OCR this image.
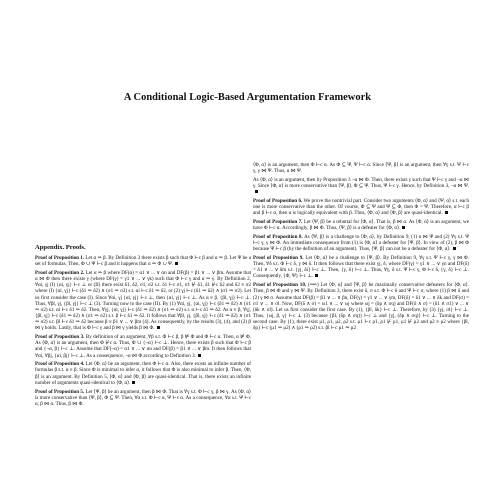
A Conditional Logic-Based Argumentation Framework
Appendix. Proofs.

Proof of Proposition 1. Let α ⇒ β. By Definition 3 there exists β such that Φ ⊢c β and α ⇒ β. Let Ψ be a set of formulas. Then, Φ ∪ Ψ ⊢c β and it happens that α ⇒ Φ ∪ Ψ.

Proof of Proposition 2. Let α ⇒ β where DF(α) = α1 ∨ ... ∨ αn and DF(β) = β1 ∨ ... ∨ βm. Assume that α ⋈ Φ then there exists γ (where DF(γ) = γ1 ∨ ... ∨ γk) such that Φ ⊢c γ and α ⇒ γ. By Definition 2, ∀αi, γj (I) {αi, γj} ⊢c ⊥ or (II) there exist δ1, δ2, σ1, σ2 s.t. δ1 ⊢c σ1, σ1 ⊬ δ1, δ1 ⊬c δ2 and δ2 ≡ σ2 where (I) {αi, γj} ⊢c (δ1 ⇒ δ2) ∧ (σ1 ⇒ σ2) s.t. αi ⊢c δ1 ⇒ δ2, or (2) γj ⊢c (δ1 ⇒ δ2) ∧ (σ1 ⇒ σ2). Let us first consider the case (I). Since ∀αi, γj {αi, γj} ⊢c ⊥, then {αi, γj} ⊢c ⊥. As α ≡ β, {βl, γj} ⊢c ⊥. Thus, ∀βl, γj, {βl, γj} ⊢c ⊥ (3). Turning now to the case (II). By (1) ∀αi, γj, {αi, γj} ⊢c (δ1 ⇒ δ2) ∧ (σ1 ⇒ σ2) s.t. αi ⊢c δ1 ⇒ δ2. Then, ∀γj, {αi, γj} ⊢c (δ1 ⇒ δ2) ∧ (σ1 ⇒ σ2) s.t. α ⊢c δ1 ⇒ δ2. As α ≡ β, ∀γj, {βl, γj} ⊢c (δ1 ⇒ δ2) ∧ (σ1 ⇒ σ2) s.t. β ⊢c δ1 ⇒ δ2. It follows that ∀βl, γj, {βl, γj} ⊢c (δ1 ⇒ δ2) ∧ (σ1 ⇒ σ2) s.t. βl ⊢c δ1 ⇒ δ2 because β ≡ β1 ∨ ... ∨ βm (4). As consequently, by the results (3), (4), and (2) β ⋈ γ holds. Lastly, that is Φ ⊢c γ and β ⋈ γ yields β ⋈ Φ.

Proof of Proposition 3. By definition of an argument, ∀β s.t. Φ ⊢c β, β ⊭ Φ and Φ ⊢c α. Then, α ⊭ Φ. As ⟨Φ, α⟩ is an argument, then Φ ⊬c α. Thus, Φ ∪ {¬α} ⊢c ⊥. Hence, there exists β such that Φ ⊢c β and {¬α, β} ⊢c ⊥. Assume that DF(¬α) = α1 ∨ ... ∨ αn and DF(β) = β1 ∨ ... ∨ βm. It then follows that ∀αi, ∀βj, {αi, βj} ⊢c ⊥. As a consequence, ¬α ⋈ Φ according to Definition 3.

Proof of Proposition 4. Let ⟨Φ, α⟩ be an argument, then Φ ⊢c α. Also, there exists an infinite number of formulas β s.t. α ≡ β. Since Φ is minimal to infer α, it follows that Φ is also minimal to infer β. Then, ⟨Φ, β⟩ is an argument. By Definition 5, ⟨Φ, α⟩ and ⟨Φ, β⟩ are quasi-identical. That is, there exists an infinite number of arguments quasi-identical to ⟨Φ, α⟩.

Proof of Proposition 5. Let ⟨Ψ, β⟩ be an argument, then β ⋈ Φ. That is ∀γ s.t. Φ ⊢c γ, β ⋈ γ. As ⟨Φ, α⟩ is more conservative than ⟨Ψ, β⟩, Φ ⊆ Ψ. Then, ∀α s.t. Φ ⊢c α, Ψ ⊢c α. As a consequence, ∀α s.t. Ψ ⊢c α, β ⋈ α. Thus, β ⋈ Φ.

⟨Φ, α⟩ is an argument, then Φ ⊢c α. As Φ ⊆ Ψ, Ψ ⊢c α. Since ⟨Ψ, β⟩ is an argument, then ∀γ s.t. Ψ ⊢c γ, γ ⋈ Ψ. Thus, α ⋈ Ψ.

As ⟨Φ, α⟩ is an argument, then by Proposition 3 ¬α ⋈ Φ. Then, there exists γ such that Ψ ⊢c γ and ¬α ⋈ γ. Since ⟨Φ, α⟩ is more conservative than ⟨Ψ, β⟩, Φ ⊆ Ψ. Thus, Ψ ⊢c γ. Hence, by Definition 3, ¬α ⋈ Ψ.

Proof of Proposition 6. We prove the nontrivial part. Consider two arguments ⟨Φ, α⟩ and ⟨Ψ, α⟩ s.t. each one is more conservative than the other. Of course, Φ ⊆ Ψ and Ψ ⊆ Φ, then Φ = Ψ. Therefore, α ⊢c β and β ⊢c α, then α is logically equivalent with β. Thus, ⟨Φ, α⟩ and ⟨Φ, β⟩ are quasi-identical.

Proof of Proposition 7. Let ⟨Ψ, β⟩ be a rebuttal for ⟨Φ, α⟩. That is, β ⋈ α. As ⟨Φ, α⟩ is an argument, we have Φ ⊢c α. Accordingly, β ⋈ Φ. Thus, ⟨Ψ, β⟩ is a defeater for ⟨Φ, α⟩.

Proof of Proposition 8. As ⟨Ψ, β⟩ is a challenge to ⟨Φ, α⟩, by Definition 9, (1) α ⋈ Ψ and (2) ∀γ s.t. Ψ ⊢c γ, γ ⋈ Φ. An immediate consequence from (1) is ⟨Φ, α⟩ a defeater for ⟨Ψ, β⟩. In view of (2), β ⋈ Φ because Ψ ⊢c β (by the definition of an argument). Thus, ⟨Ψ, β⟩ can not be a defeater for ⟨Φ, α⟩.

Proof of Proposition 9. Let ⟨Φ, α⟩ be a challenge to ⟨Ψ, β⟩. By Definition 9, ∀γ s.t. Ψ ⊢c γ, γ ⋈ Φ. Then, ∀δ s.t. Φ ⊢c δ, γ ⋈ δ. It then follows that there exist γj, δ, where DF(γ) = γ1 ∨ ... ∨ γn and DF(δ) = δ1 ∨ ... ∨ δm s.t. {γj, δi} ⊢c ⊥. Then, {γ, δ} ⊢c ⊥. Thus, ∀γ, δ s.t. Ψ ⊢c γ, Φ ⊢c δ, {γ, δ} ⊢c ⊥. Consequently, {Φ, Ψ} ⊢c ⊥.

Proof of Proposition 10. (⟹) Let ⟨Φ, α⟩ and ⟨Ψ, β⟩ be maximally conservative defeaters for ⟨Φ, α⟩. Then, β ⋈ Φ and γ ⋈ Ψ. By Definition 3, there exist δ, σ s.t. Φ ⊢c δ and Ψ ⊢c σ, where (1) β ⋈ δ and (2) γ ⋈ σ. Assume that DF(β) = β1 ∨ ... ∨ βn, DF(γ) = γ1 ∨ ... ∨ γm, DF(δ) = δ1 ∨ ... ∨ δk and DF(σ) = σ1 ∨ ... ∨ σl. Now, DF(δ ∧ σ) = ω1 ∨ ... ∨ ωj where ωj = (δp ∧ σq) and DF(δ ∧ σ) = (δ1 ∧ σ1) ∨ ... ∨ (δk ∧ σl). Let us first consider the first case. By (1), {βl, δk} ⊢c ⊥. Therefore, by (3) {γj, σl} ⊢c ⊥. Thus, {ωj, β, γ} ⊢c ⊥ (3) because {βl, (δp ∧ σq)} ⊢c ⊥ and {γj, (δp ∧ σq)} ⊢c ⊥. Turning to the second case. By (1), there exist μ1, ρ1, μ2, ρ2 s.t. μ1 ⊢c ρ1, ρ1 ⊬ μ1, μ1 ⊬ μ2 and μ2 ≡ ρ2 where {βl, δp} ⊢c (μ1 ⇒ μ2) ∧ (ρ1 ⇒ ρ2) s.t. βl ⊢c μ1 ⇒ μ2
